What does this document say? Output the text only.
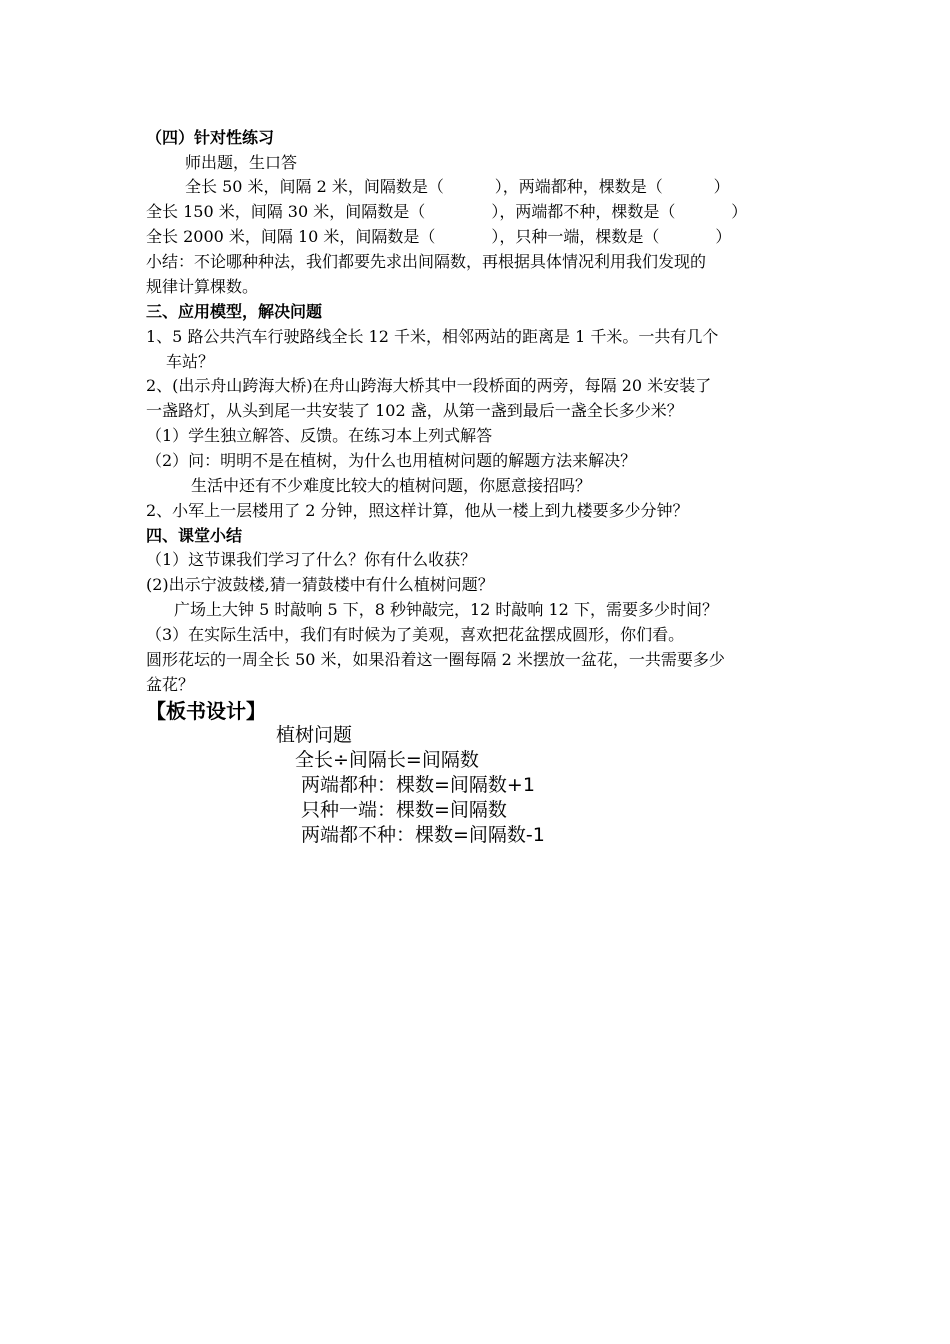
（四）针对性练习
师出题，生口答
全长 50 米，间隔 2 米，间隔数是（          ），两端都种，棵数是（          ）
全长 150 米，间隔 30 米，间隔数是（             ），两端都不种，棵数是（           ）
全长 2000 米，间隔 10 米，间隔数是（           ），只种一端，棵数是（           ）
小结：不论哪种种法，我们都要先求出间隔数，再根据具体情况利用我们发现的
规律计算棵数。
三、应用模型，解决问题
1、5 路公共汽车行驶路线全长 12 千米，相邻两站的距离是 1 千米。一共有几个
车站？
2、(出示舟山跨海大桥)在舟山跨海大桥其中一段桥面的两旁，每隔 20 米安装了
一盏路灯，从头到尾一共安装了 102 盏，从第一盏到最后一盏全长多少米？
（1）学生独立解答、反馈。在练习本上列式解答
（2）问：明明不是在植树，为什么也用植树问题的解题方法来解决？
生活中还有不少难度比较大的植树问题，你愿意接招吗？
2、小军上一层楼用了 2 分钟，照这样计算，他从一楼上到九楼要多少分钟？
四、课堂小结
（1）这节课我们学习了什么？你有什么收获？
(2)出示宁波鼓楼,猜一猜鼓楼中有什么植树问题？
广场上大钟 5 时敲响 5 下，8 秒钟敲完，12 时敲响 12 下，需要多少时间？
（3）在实际生活中，我们有时候为了美观，喜欢把花盆摆成圆形，你们看。
圆形花坛的一周全长 50 米，如果沿着这一圈每隔 2 米摆放一盆花，一共需要多少
盆花？
【板书设计】
植树问题
全长÷间隔长=间隔数
两端都种：棵数=间隔数+1
只种一端：棵数=间隔数
两端都不种：棵数=间隔数-1
